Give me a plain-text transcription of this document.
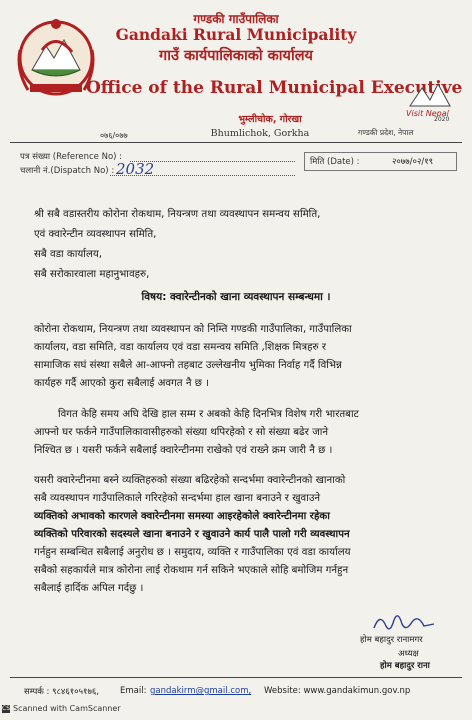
गण्डकी गाउँपालिका
Gandaki Rural Municipality
गाउँ कार्यपालिकाको कार्यालय
Office of the Rural Municipal Executive
भुम्लीचोक, गोरखा
Bhumlichok, Gorkha
Visit Nepal
2020
०७६/०७७	गण्डकी प्रदेश, नेपाल
पत्र संख्या (Reference No) :
चलानी नं.(Dispatch No) : 2032	मिति (Date) :	२०७७/०२/१९
श्री सबै वडास्तरीय कोरोना रोकथाम, नियन्त्रण तथा व्यवस्थापन समन्वय समिति,
एवं क्वारेन्टीन व्यवस्थापन समिति,
सबै वडा कार्यालय,
सबै सरोकारवाला महानुभावहरु,
विषय: क्वारेन्टीनको खाना व्यवस्थापन सम्बन्धमा ।
कोरोना रोकथाम, नियन्त्रण तथा व्यवस्थापन को निम्ति गण्डकी गाउँपालिका, गाउँपालिका
कार्यालय, वडा समिति, वडा कार्यालय एवं वडा समन्वय समिति ,शिक्षक मित्रहरु र
सामाजिक सघं संस्था सबैले आ-आफ्नो तहबाट उल्लेखनीय भुमिका निर्वाह गर्दै विभिन्न
कार्यहरु गर्दै आएको कुरा सबैलाई अवगत नै छ ।
विगत केहि समय अघि देखि हाल सम्म र अबको केहि दिनभित्र विशेष गरी भारतबाट
आफ्नो घर फर्कने गाउँपालिकावासीहरुको संख्या थपिरहेको र सो संख्या बढेर जाने
निश्चित छ । यसरी फर्कने सबैलाई क्वारेन्टीनमा राखेको एवं राख्ने क्रम जारी नै छ ।
यसरी क्वारेन्टीनमा बस्ने व्यक्तिहरुको संख्या बढिरहेको सन्दर्भमा क्वारेन्टीनको खानाको
सबै व्यवस्थापन गाउँपालिकाले गरिरहेको सन्दर्भमा हाल खाना बनाउने र खुवाउने
व्यक्तिको अभावको कारणले क्वारेन्टीनमा समस्या आइरहेकोले क्वारेन्टीनमा रहेका
व्यक्तिको परिवारको सदस्यले खाना बनाउने र खुवाउने कार्य पालै पालो गरी व्यवस्थापन
गर्नहुन सम्बन्धित सबैलाई अनुरोध छ । समुदाय, व्यक्ति र गाउँपालिका एवं वडा कार्यालय
सबैको सहकार्यले मात्र कोरोना लाई रोकथाम गर्न सकिने भएकाले सोहि बमोजिम गर्नहुन
सबैलाई हार्दिक अपिल गर्दछु ।
होम बहादुर रानामगर
अध्यक्ष
होम बहादुर राना
सम्पर्क : ९८४६१०५१७६, Email: gandakirm@gmail.com, Website: www.gandakimun.gov.np
CS Scanned with CamScanner
